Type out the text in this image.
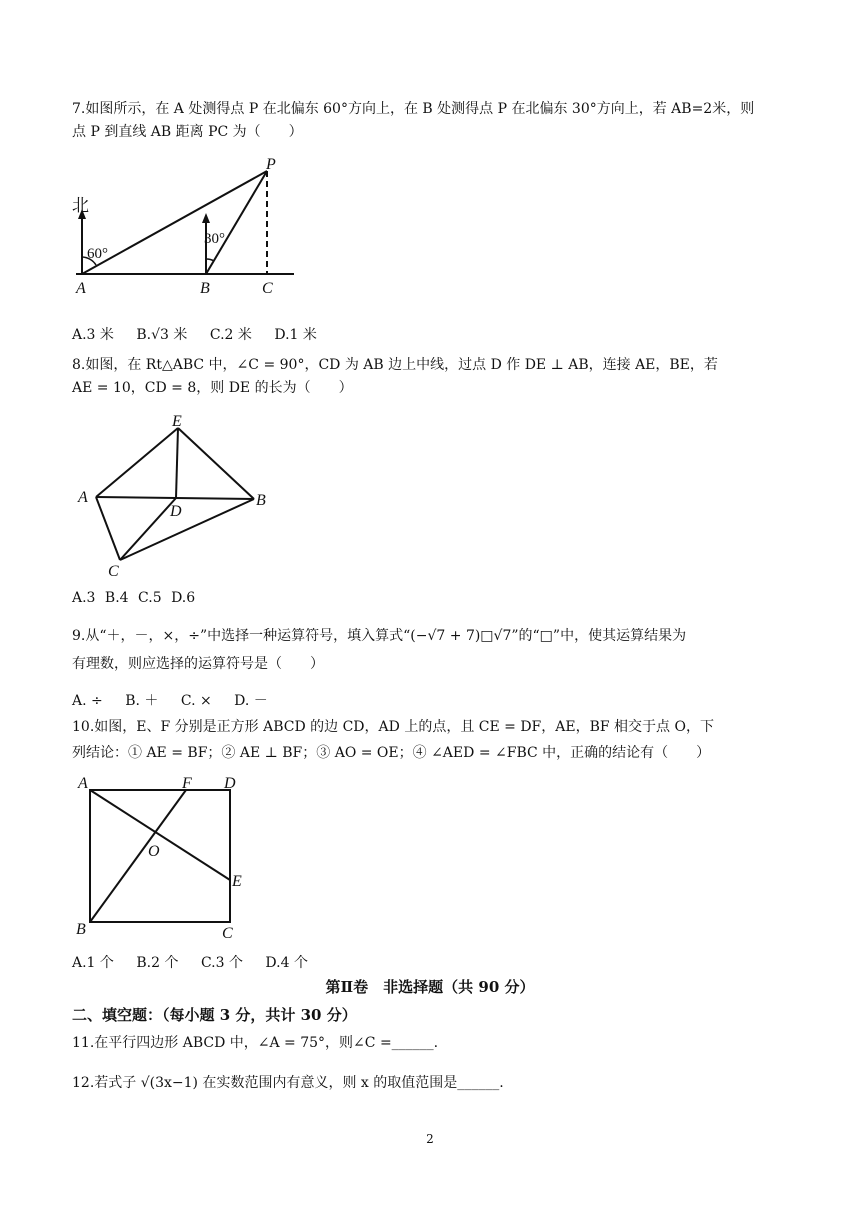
7.如图所示，在 A 处测得点 P 在北偏东 60°方向上，在 B 处测得点 P 在北偏东 30°方向上，若 AB=2米，则
点 P 到直线 AB 距离 PC 为（　　）
北
60°
30°
A	B	C
P
A.3 米 B.√3 米 C.2 米 D.1 米
8.如图，在 Rt△ABC 中，∠C = 90°，CD 为 AB 边上中线，过点 D 作 DE ⊥ AB，连接 AE，BE，若
AE = 10，CD = 8，则 DE 的长为（　　）
A	B
C
D
E
A.3 B.4 C.5 D.6
9.从“＋，－，×，÷”中选择一种运算符号，填入算式“(−√7 + 7)□√7”的“□”中，使其运算结果为
有理数，则应选择的运算符号是（　　）
A. ÷ B. ＋ C. × D. －
10.如图，E、F 分别是正方形 ABCD 的边 CD，AD 上的点，且 CE = DF，AE，BF 相交于点 O，下
列结论：① AE = BF；② AE ⊥ BF；③ AO = OE；④ ∠AED = ∠FBC 中，正确的结论有（　　）
A	D
F
E
C
B
O
A.1 个 B.2 个 C.3 个 D.4 个
第Ⅱ卷　非选择题（共 90 分）
二、填空题：（每小题 3 分，共计 30 分）
11.在平行四边形 ABCD 中，∠A = 75°，则∠C =______.
12.若式子 √(3x−1) 在实数范围内有意义，则 x 的取值范围是______.
2
